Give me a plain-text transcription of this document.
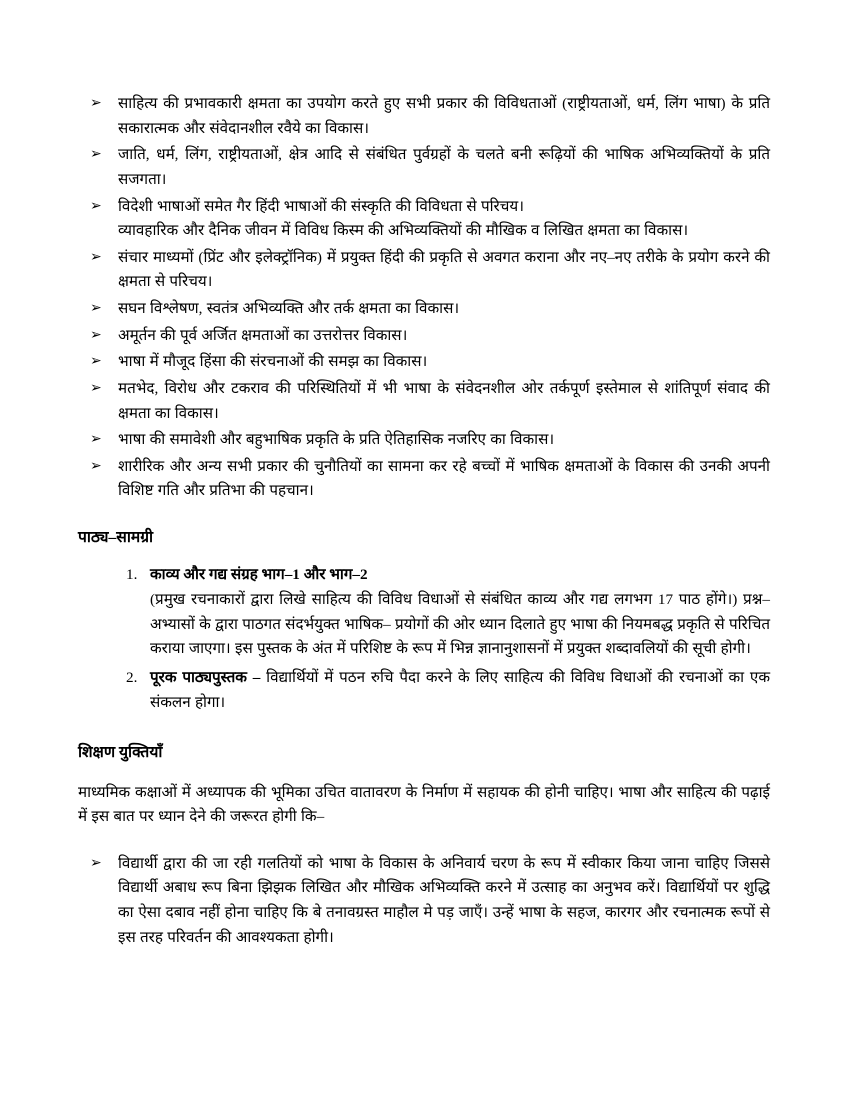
➢ साहित्य की प्रभावकारी क्षमता का उपयोग करते हुए सभी प्रकार की विविधताओं (राष्ट्रीयताओं, धर्म, लिंग भाषा) के प्रति सकारात्मक और संवेदानशील रवैये का विकास।
➢ जाति, धर्म, लिंग, राष्ट्रीयताओं, क्षेत्र आदि से संबंधित पुर्वग्रहों के चलते बनी रूढ़ियों की भाषिक अभिव्यक्तियों के प्रति सजगता।
➢ विदेशी भाषाओं समेत गैर हिंदी भाषाओं की संस्कृति की विविधता से परिचय।
व्यावहारिक और दैनिक जीवन में विविध किस्म की अभिव्यक्तियों की मौखिक व लिखित क्षमता का विकास।
➢ संचार माध्यमों (प्रिंट और इलेक्ट्रॉनिक) में प्रयुक्त हिंदी की प्रकृति से अवगत कराना और नए–नए तरीके के प्रयोग करने की क्षमता से परिचय।
➢ सघन विश्लेषण, स्वतंत्र अभिव्यक्ति और तर्क क्षमता का विकास।
➢ अमूर्तन की पूर्व अर्जित क्षमताओं का उत्तरोत्तर विकास।
➢ भाषा में मौजूद हिंसा की संरचनाओं की समझ का विकास।
➢ मतभेद, विरोध और टकराव की परिस्थितियों में भी भाषा के संवेदनशील ओर तर्कपूर्ण इस्तेमाल से शांतिपूर्ण संवाद की क्षमता का विकास।
➢ भाषा की समावेशी और बहुभाषिक प्रकृति के प्रति ऐतिहासिक नजरिए का विकास।
➢ शारीरिक और अन्य सभी प्रकार की चुनौतियों का सामना कर रहे बच्चों में भाषिक क्षमताओं के विकास की उनकी अपनी विशिष्ट गति और प्रतिभा की पहचान।
पाठ्य–सामग्री
1. काव्य और गद्य संग्रह भाग–1 और भाग–2
(प्रमुख रचनाकारों द्वारा लिखे साहित्य की विविध विधाओं से संबंधित काव्य और गद्य लगभग 17 पाठ होंगे।) प्रश्न– अभ्यासों के द्वारा पाठगत संदर्भयुक्त भाषिक– प्रयोगों की ओर ध्यान दिलाते हुए भाषा की नियमबद्ध प्रकृति से परिचित कराया जाएगा। इस पुस्तक के अंत में परिशिष्ट के रूप में भिन्न ज्ञानानुशासनों में प्रयुक्त शब्दावलियों की सूची होगी।
2. पूरक पाठ्यपुस्तक – विद्यार्थियों में पठन रुचि पैदा करने के लिए साहित्य की विविध विधाओं की रचनाओं का एक संकलन होगा।
शिक्षण युक्तियाँ

माध्यमिक कक्षाओं में अध्यापक की भूमिका उचित वातावरण के निर्माण में सहायक की होनी चाहिए। भाषा और साहित्य की पढ़ाई में इस बात पर ध्यान देने की जरूरत होगी कि–

➢ विद्यार्थी द्वारा की जा रही गलतियों को भाषा के विकास के अनिवार्य चरण के रूप में स्वीकार किया जाना चाहिए जिससे विद्यार्थी अबाध रूप बिना झिझक लिखित और मौखिक अभिव्यक्ति करने में उत्साह का अनुभव करें। विद्यार्थियों पर शुद्धि का ऐसा दबाव नहीं होना चाहिए कि बे तनावग्रस्त माहौल मे पड़ जाएँ। उन्हें भाषा के सहज, कारगर और रचनात्मक रूपों से इस तरह परिवर्तन की आवश्यकता होगी।
